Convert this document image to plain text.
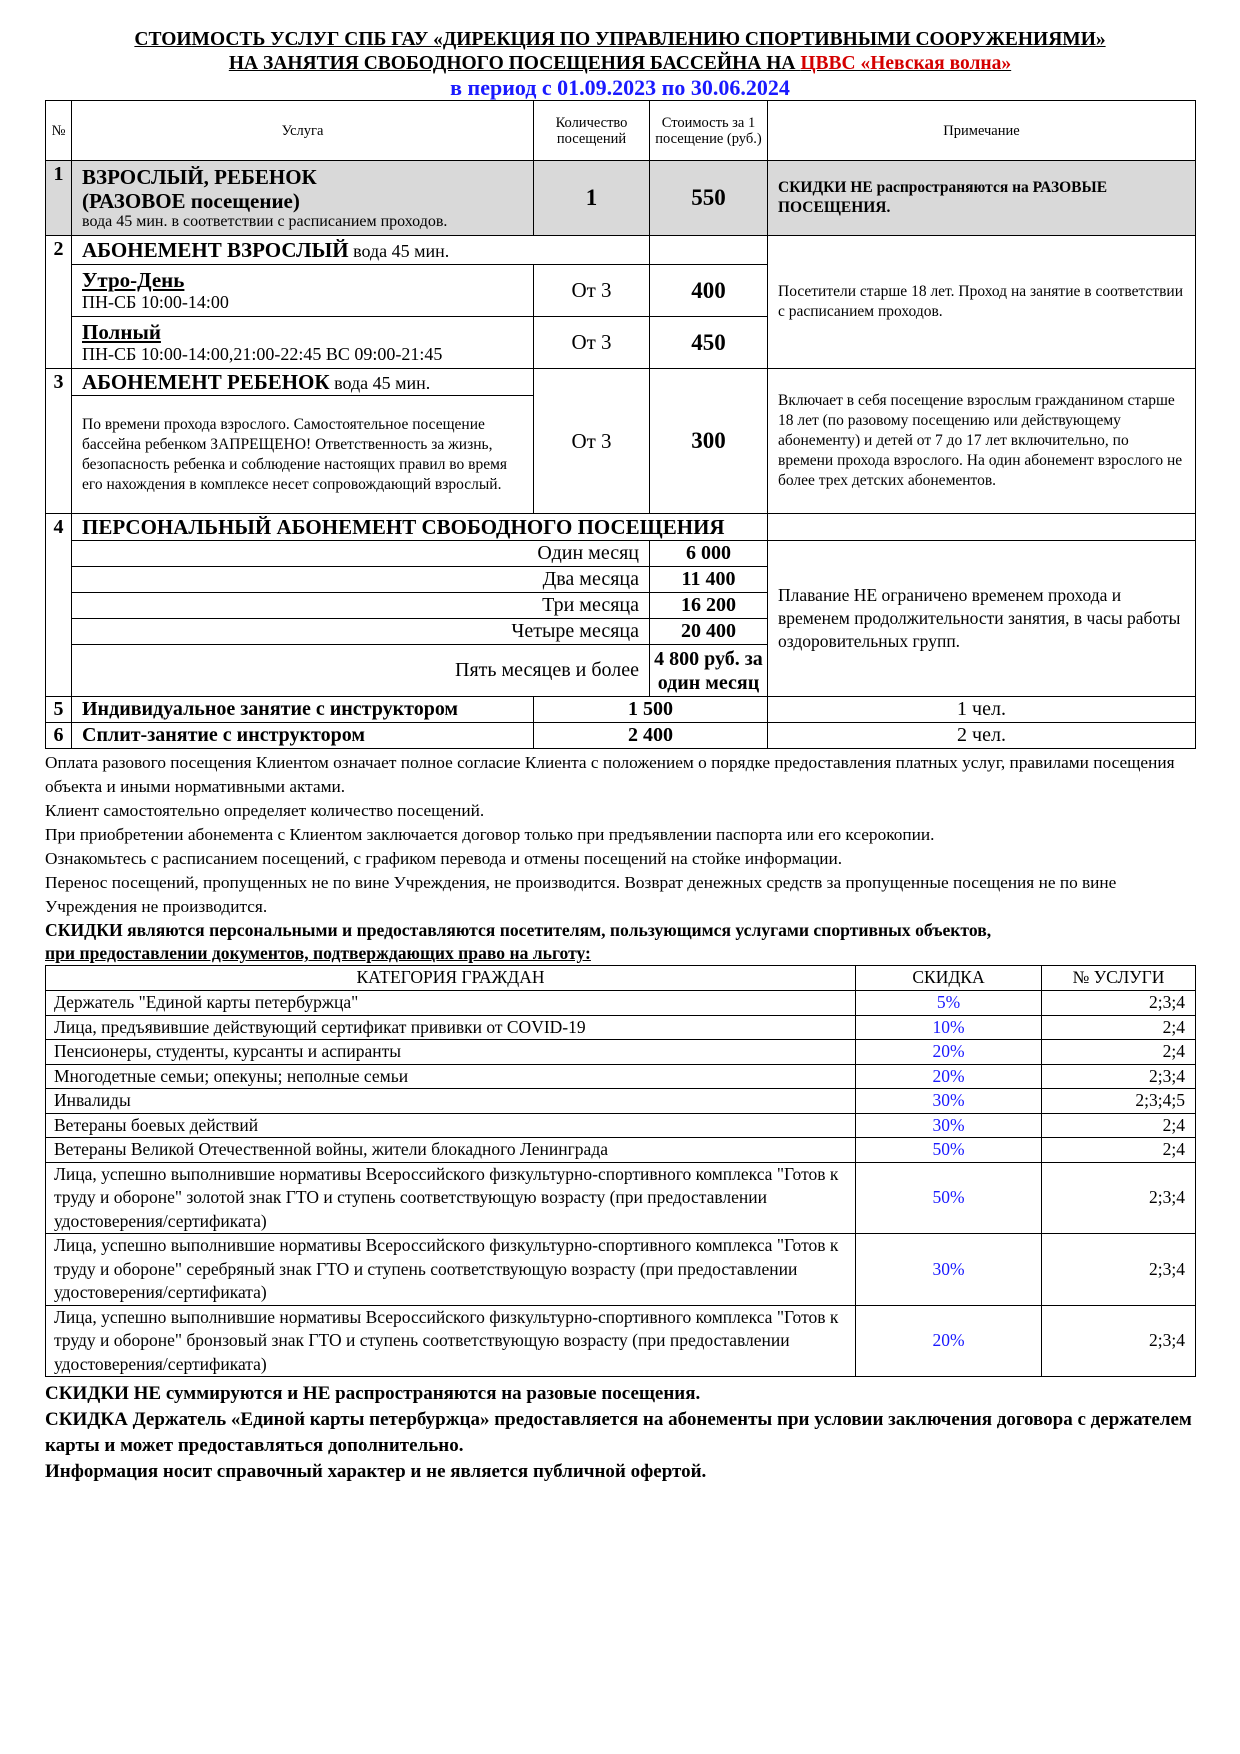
СТОИМОСТЬ УСЛУГ СПБ ГАУ «ДИРЕКЦИЯ ПО УПРАВЛЕНИЮ СПОРТИВНЫМИ СООРУЖЕНИЯМИ»
НА ЗАНЯТИЯ СВОБОДНОГО ПОСЕЩЕНИЯ БАССЕЙНА НА ЦВВС «Невская волна»
в период с 01.09.2023 по 30.06.2024
№	Услуга	Количество посещений	Стоимость за 1 посещение (руб.)	Примечание
1	ВЗРОСЛЫЙ, РЕБЕНОК
(РАЗОВОЕ посещение)
вода 45 мин. в соответствии с расписанием проходов.	1	550	СКИДКИ НЕ распространяются на РАЗОВЫЕ ПОСЕЩЕНИЯ.
2	АБОНЕМЕНТ ВЗРОСЛЫЙ вода 45 мин.			Посетители старше 18 лет. Проход на занятие в соответствии с расписанием проходов.

	Утро-День
ПН-СБ 10:00-14:00	От 3	400	

	Полный
ПН-СБ 10:00-14:00,21:00-22:45 ВС 09:00-21:45	От 3	450	
3	АБОНЕМЕНТ РЕБЕНОК вода 45 мин.	От 3	300	Включает в себя посещение взрослым гражданином старше 18 лет (по разовому посещению или действующему абонементу) и детей от 7 до 17 лет включительно, по времени прохода взрослого. На один абонемент взрослого не более трех детских абонементов.
	По времени прохода взрослого. Самостоятельное посещение бассейна ребенком ЗАПРЕЩЕНО! Ответственность за жизнь, безопасность ребенка и соблюдение настоящих правил во время его нахождения в комплексе несет сопровождающий взрослый.			
4	ПЕРСОНАЛЬНЫЙ АБОНЕМЕНТ СВОБОДНОГО ПОСЕЩЕНИЯ			
	Один месяц		6 000	Плавание НЕ ограничено временем прохода и временем продолжительности занятия, в часы работы оздоровительных групп.
	Два месяца		11 400	
	Три месяца		16 200	
	Четыре месяца		20 400	
	Пять месяцев и более		4 800 руб. за один месяц	
5	Индивидуальное занятие с инструктором	1 500		1 чел.
6	Сплит-занятие с инструктором	2 400		2 чел.

Оплата разового посещения Клиентом означает полное согласие Клиента с положением о порядке предоставления платных услуг, правилами посещения объекта и иными нормативными актами.

Клиент самостоятельно определяет количество посещений.

При приобретении абонемента с Клиентом заключается договор только при предъявлении паспорта или его ксерокопии.

Ознакомьтесь с расписанием посещений, с графиком перевода и отмены посещений на стойке информации.

Перенос посещений, пропущенных не по вине Учреждения, не производится. Возврат денежных средств за пропущенные посещения не по вине Учреждения не производится.

СКИДКИ являются персональными и предоставляются посетителям, пользующимся услугами спортивных объектов,
при предоставлении документов, подтверждающих право на льготу:
КАТЕГОРИЯ ГРАЖДАН	СКИДКА	№ УСЛУГИ
Держатель "Единой карты петербуржца"	5%	2;3;4
Лица, предъявившие действующий сертификат прививки от COVID-19	10%	2;4
Пенсионеры, студенты, курсанты и аспиранты	20%	2;4
Многодетные семьи; опекуны; неполные семьи	20%	2;3;4
Инвалиды	30%	2;3;4;5
Ветераны боевых действий	30%	2;4
Ветераны Великой Отечественной войны, жители блокадного Ленинграда	50%	2;4
Лица, успешно выполнившие нормативы Всероссийского физкультурно-спортивного комплекса "Готов к труду и обороне" золотой знак ГТО и ступень соответствующую возрасту (при предоставлении удостоверения/сертификата)	50%	2;3;4
Лица, успешно выполнившие нормативы Всероссийского физкультурно-спортивного комплекса "Готов к труду и обороне" серебряный знак ГТО и ступень соответствующую возрасту (при предоставлении удостоверения/сертификата)	30%	2;3;4
Лица, успешно выполнившие нормативы Всероссийского физкультурно-спортивного комплекса "Готов к труду и обороне" бронзовый знак ГТО и ступень соответствующую возрасту (при предоставлении удостоверения/сертификата)	20%	2;3;4

СКИДКИ НЕ суммируются и НЕ распространяются на разовые посещения.

СКИДКА Держатель «Единой карты петербуржца» предоставляется на абонементы при условии заключения договора с держателем карты и может предоставляться дополнительно.

Информация носит справочный характер и не является публичной офертой.
